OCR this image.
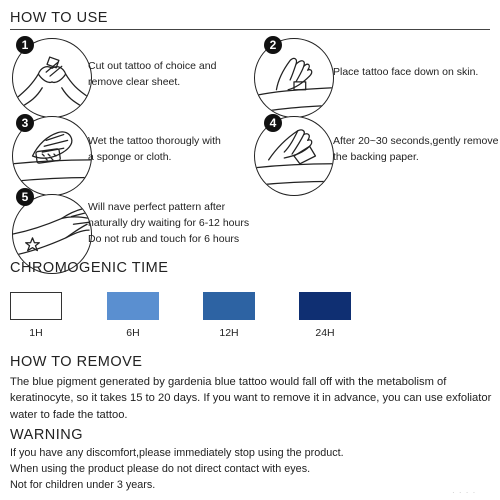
HOW TO USE
1
Cut out tattoo of choice and
remove clear sheet.
2
Place tattoo face down on skin.
3
Wet the tattoo thorougly with
a sponge or cloth.
4
After 20~30 seconds,gently remove
the backing paper.
5
Will nave perfect pattern after
naturally dry waiting for 6-12 hours
Do not rub and touch for 6 hours
CHROMOGENIC TIME
1H	6H	12H	24H
HOW TO REMOVE
The blue pigment generated by gardenia blue tattoo would fall off with the metabolism of
keratinocyte, so it takes 15 to 20 days. If you want to remove it in advance, you can use exfoliator
water to fade the tattoo.
WARNING
If you have any discomfort,please immediately stop using the product.
When using the product please do not direct contact with eyes.
Not for children under 3 years.
· · · ·
